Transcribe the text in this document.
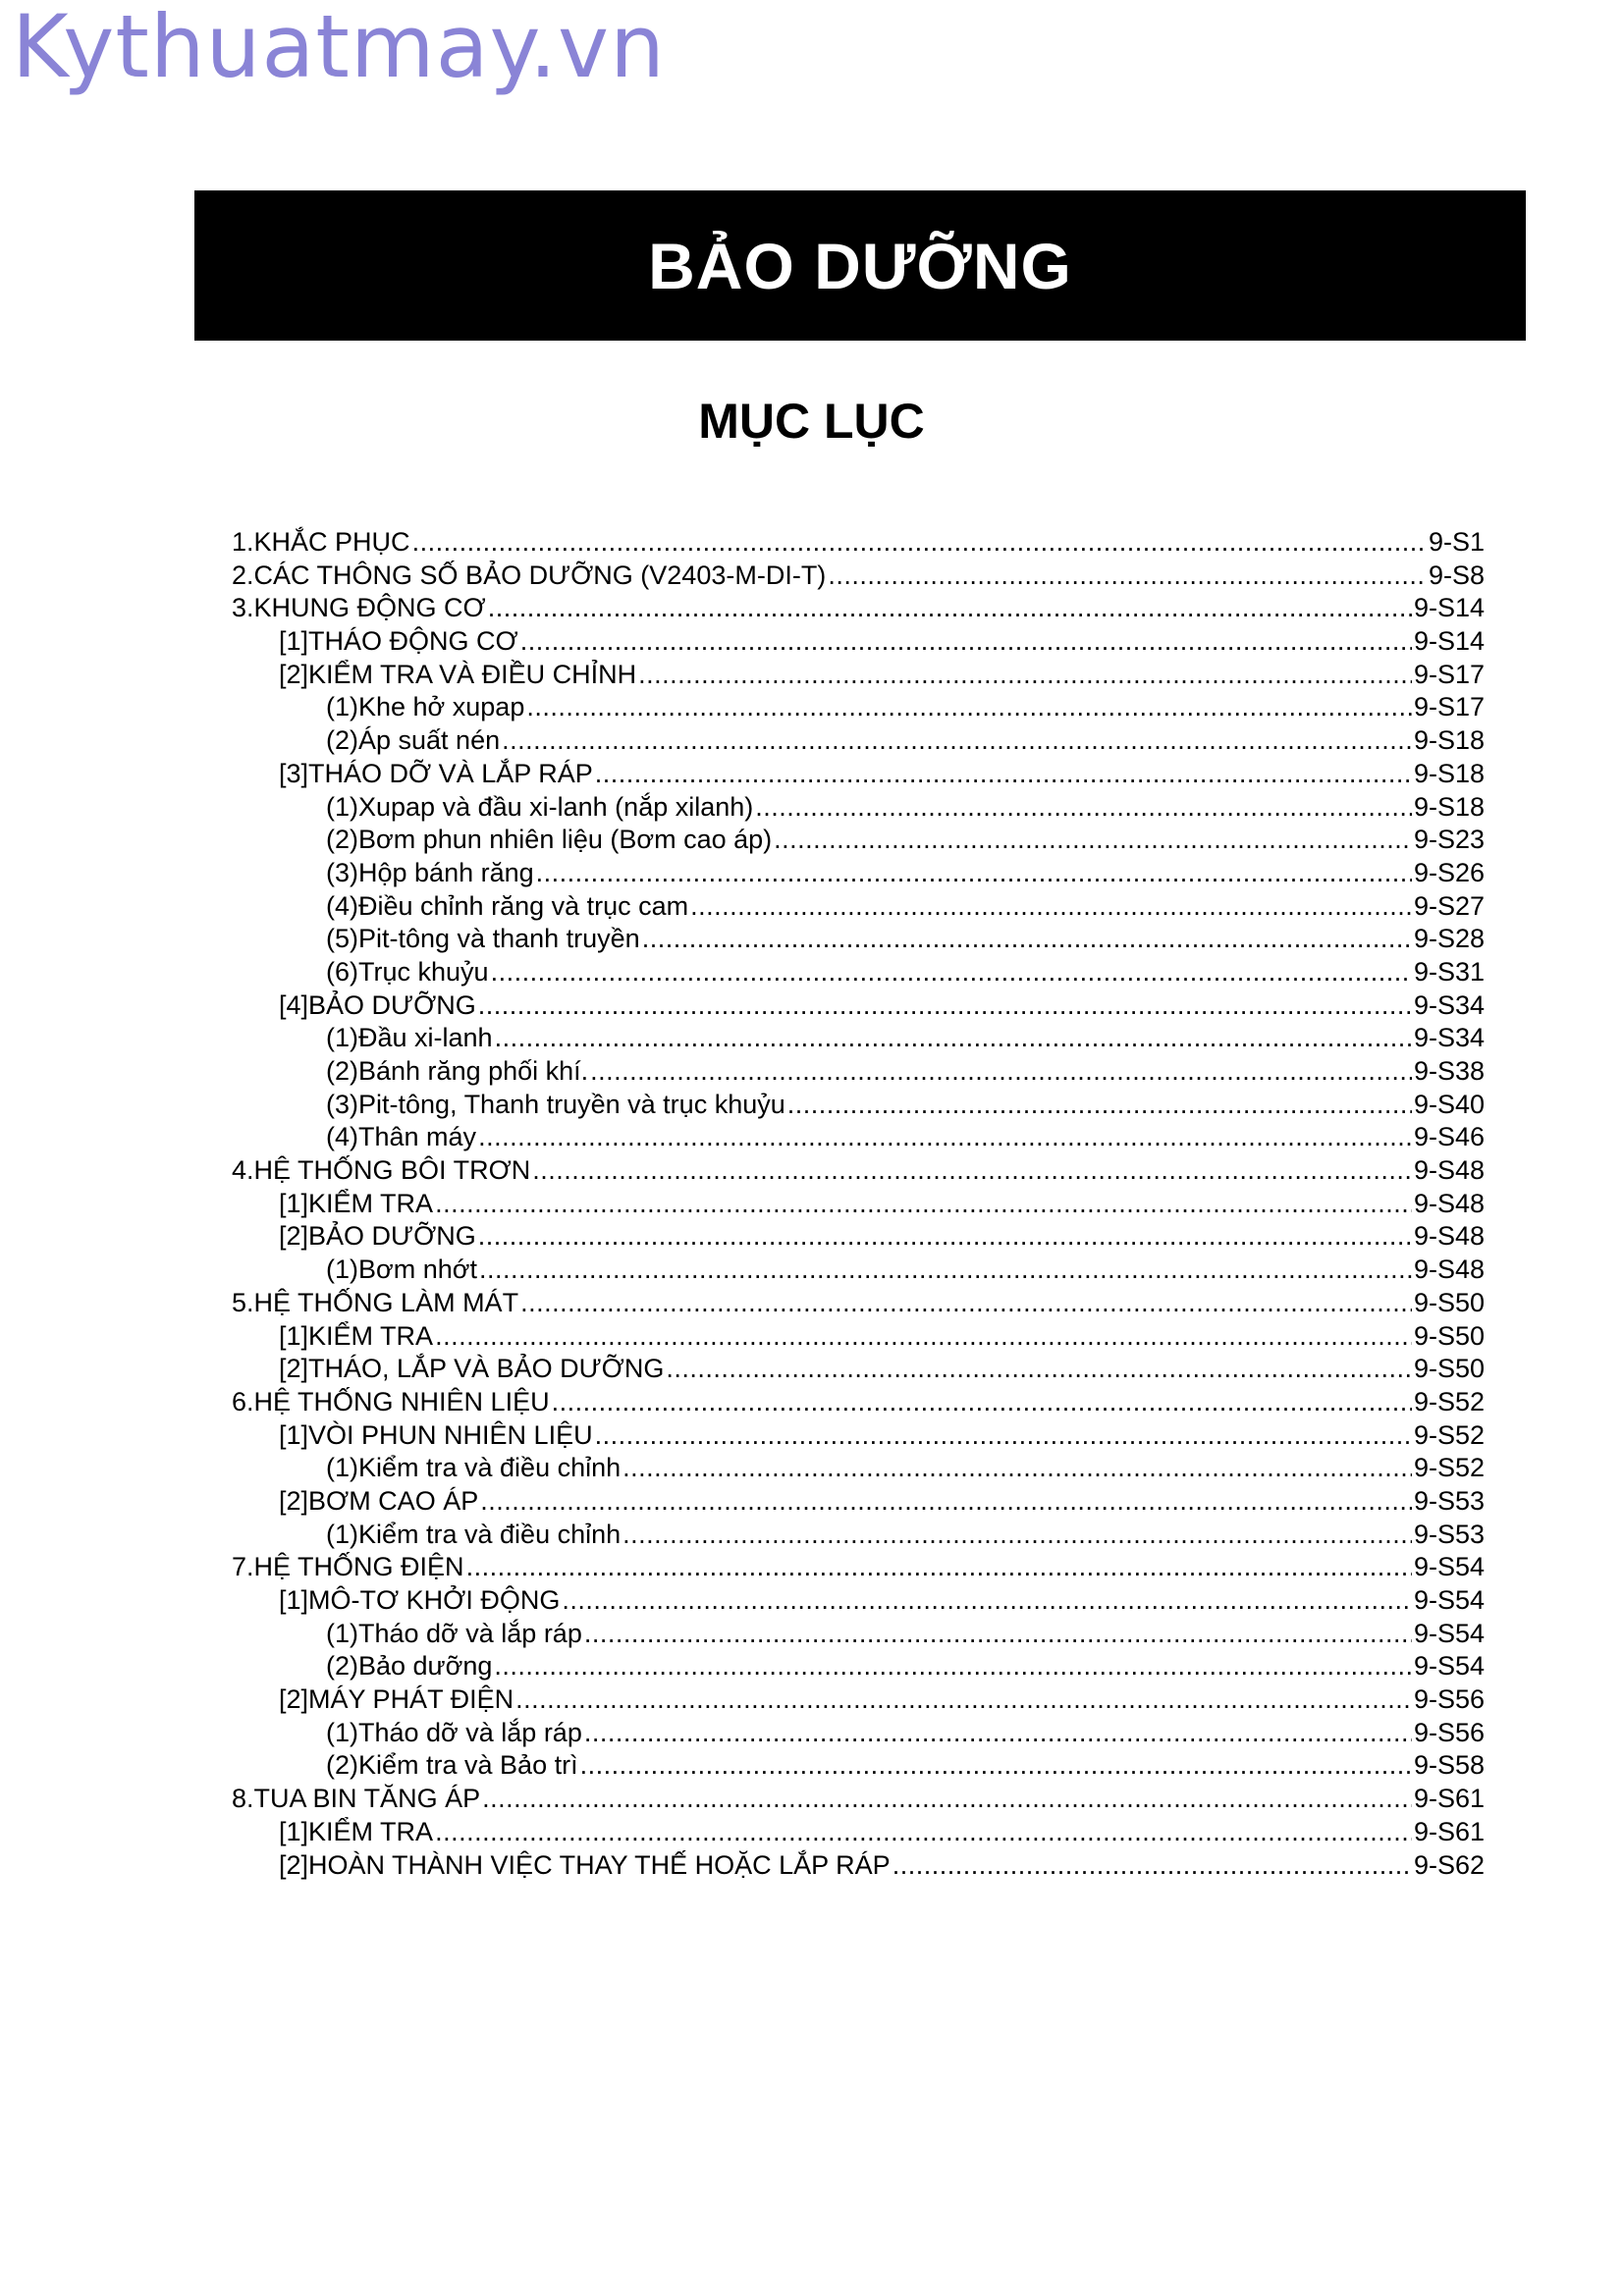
Kythuatmay.vn
BẢO DƯỠNG
MỤC LỤC
1. KHẮC PHỤC .....	9-S1
2. CÁC THÔNG SỐ BẢO DƯỠNG (V2403-M-DI-T) .....	9-S8
3. KHUNG ĐỘNG CƠ .....	9-S14
[1] THÁO ĐỘNG CƠ .....	9-S14
[2] KIỂM TRA VÀ ĐIỀU CHỈNH .....	9-S17
(1) Khe hở xupap .....	9-S17
(2) Áp suất nén .....	9-S18
[3] THÁO DỠ VÀ LẮP RÁP .....	9-S18
(1) Xupap và đầu xi-lanh (nắp xilanh) .....	9-S18
(2) Bơm phun nhiên liệu (Bơm cao áp) .....	9-S23
(3) Hộp bánh răng .....	9-S26
(4) Điều chỉnh răng và trục cam .....	9-S27
(5) Pit-tông và thanh truyền .....	9-S28
(6) Trục khuỷu .....	9-S31
[4] BẢO DƯỠNG .....	9-S34
(1) Đầu xi-lanh .....	9-S34
(2) Bánh răng phối khí. .....	9-S38
(3) Pit-tông, Thanh truyền và trục khuỷu .....	9-S40
(4) Thân máy .....	9-S46
4. HỆ THỐNG BÔI TRƠN .....	9-S48
[1] KIỂM TRA .....	9-S48
[2] BẢO DƯỠNG .....	9-S48
(1) Bơm nhớt .....	9-S48
5. HỆ THỐNG LÀM MÁT .....	9-S50
[1] KIỂM TRA .....	9-S50
[2] THÁO, LẮP VÀ BẢO DƯỠNG .....	9-S50
6. HỆ THỐNG NHIÊN LIỆU .....	9-S52
[1] VÒI PHUN NHIÊN LIỆU .....	9-S52
(1) Kiểm tra và điều chỉnh .....	9-S52
[2] BƠM CAO ÁP .....	9-S53
(1) Kiểm tra và điều chỉnh .....	9-S53
7. HỆ THỐNG ĐIỆN .....	9-S54
[1] MÔ-TƠ KHỞI ĐỘNG .....	9-S54
(1) Tháo dỡ và lắp ráp .....	9-S54
(2) Bảo dưỡng .....	9-S54
[2] MÁY PHÁT ĐIỆN .....	9-S56
(1) Tháo dỡ và lắp ráp .....	9-S56
(2) Kiểm tra và Bảo trì .....	9-S58
8. TUA BIN TĂNG ÁP .....	9-S61
[1] KIỂM TRA .....	9-S61
[2] HOÀN THÀNH VIỆC THAY THẾ HOẶC LẮP RÁP .....	9-S62
